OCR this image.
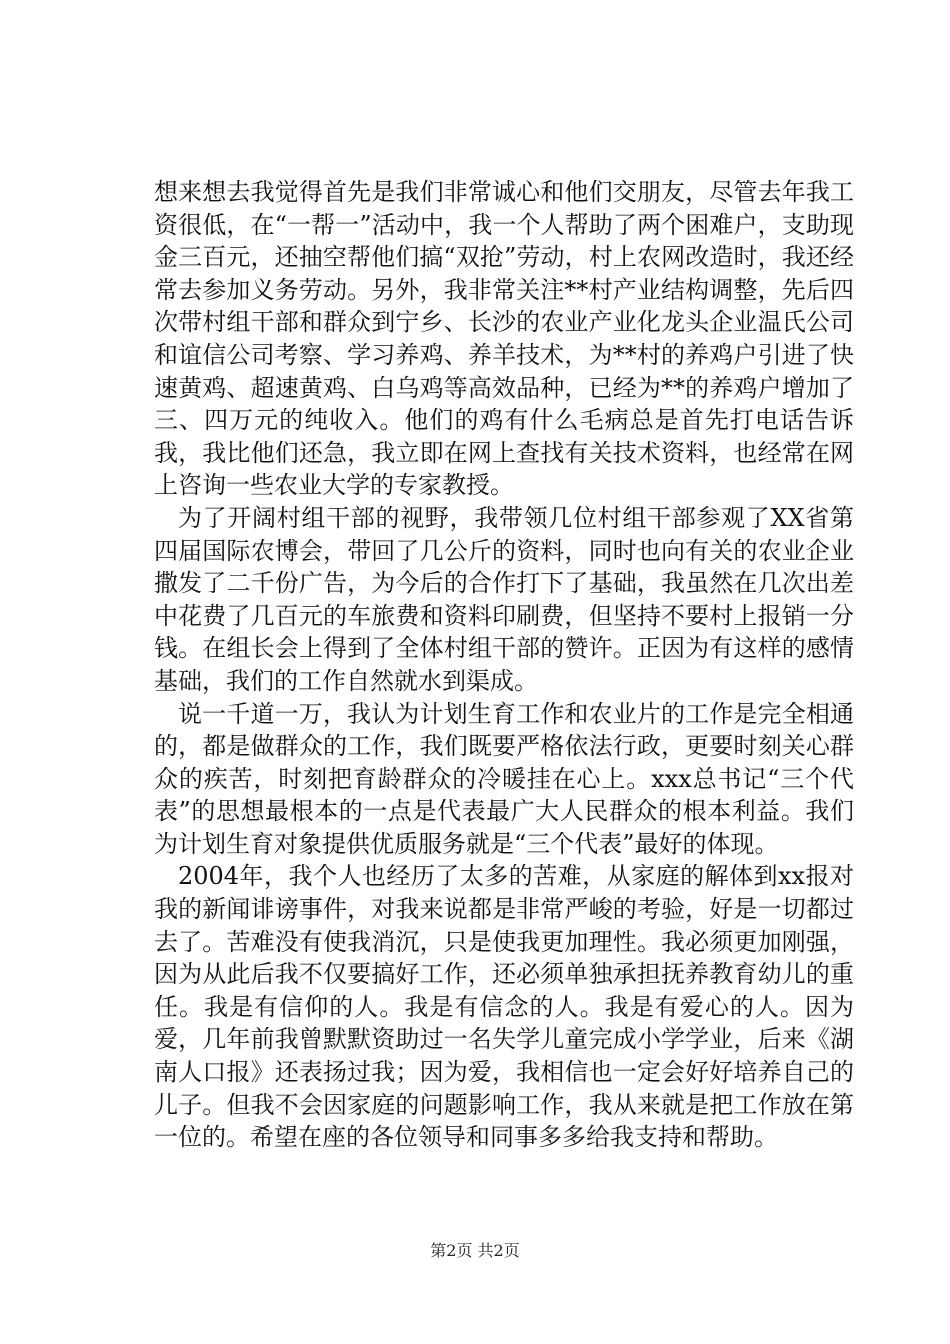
想来想去我觉得首先是我们非常诚心和他们交朋友，尽管去年我工资很低，在“一帮一”活动中，我一个人帮助了两个困难户，支助现金三百元，还抽空帮他们搞“双抢”劳动，村上农网改造时，我还经常去参加义务劳动。另外，我非常关注**村产业结构调整，先后四次带村组干部和群众到宁乡、长沙的农业产业化龙头企业温氏公司和谊信公司考察、学习养鸡、养羊技术，为**村的养鸡户引进了快速黄鸡、超速黄鸡、白乌鸡等高效品种，已经为**的养鸡户增加了三、四万元的纯收入。他们的鸡有什么毛病总是首先打电话告诉我，我比他们还急，我立即在网上查找有关技术资料，也经常在网上咨询一些农业大学的专家教授。

为了开阔村组干部的视野，我带领几位村组干部参观了XX省第四届国际农博会，带回了几公斤的资料，同时也向有关的农业企业撒发了二千份广告，为今后的合作打下了基础，我虽然在几次出差中花费了几百元的车旅费和资料印刷费，但坚持不要村上报销一分钱。在组长会上得到了全体村组干部的赞许。正因为有这样的感情基础，我们的工作自然就水到渠成。

说一千道一万，我认为计划生育工作和农业片的工作是完全相通的，都是做群众的工作，我们既要严格依法行政，更要时刻关心群众的疾苦，时刻把育龄群众的冷暖挂在心上。xxx总书记“三个代表”的思想最根本的一点是代表最广大人民群众的根本利益。我们为计划生育对象提供优质服务就是“三个代表”最好的体现。

2004年，我个人也经历了太多的苦难，从家庭的解体到xx报对我的新闻诽谤事件，对我来说都是非常严峻的考验，好是一切都过去了。苦难没有使我消沉，只是使我更加理性。我必须更加刚强，因为从此后我不仅要搞好工作，还必须单独承担抚养教育幼儿的重任。我是有信仰的人。我是有信念的人。我是有爱心的人。因为爱，几年前我曾默默资助过一名失学儿童完成小学学业，后来《湖南人口报》还表扬过我；因为爱，我相信也一定会好好培养自己的儿子。但我不会因家庭的问题影响工作，我从来就是把工作放在第一位的。希望在座的各位领导和同事多多给我支持和帮助。

第2页 共2页
